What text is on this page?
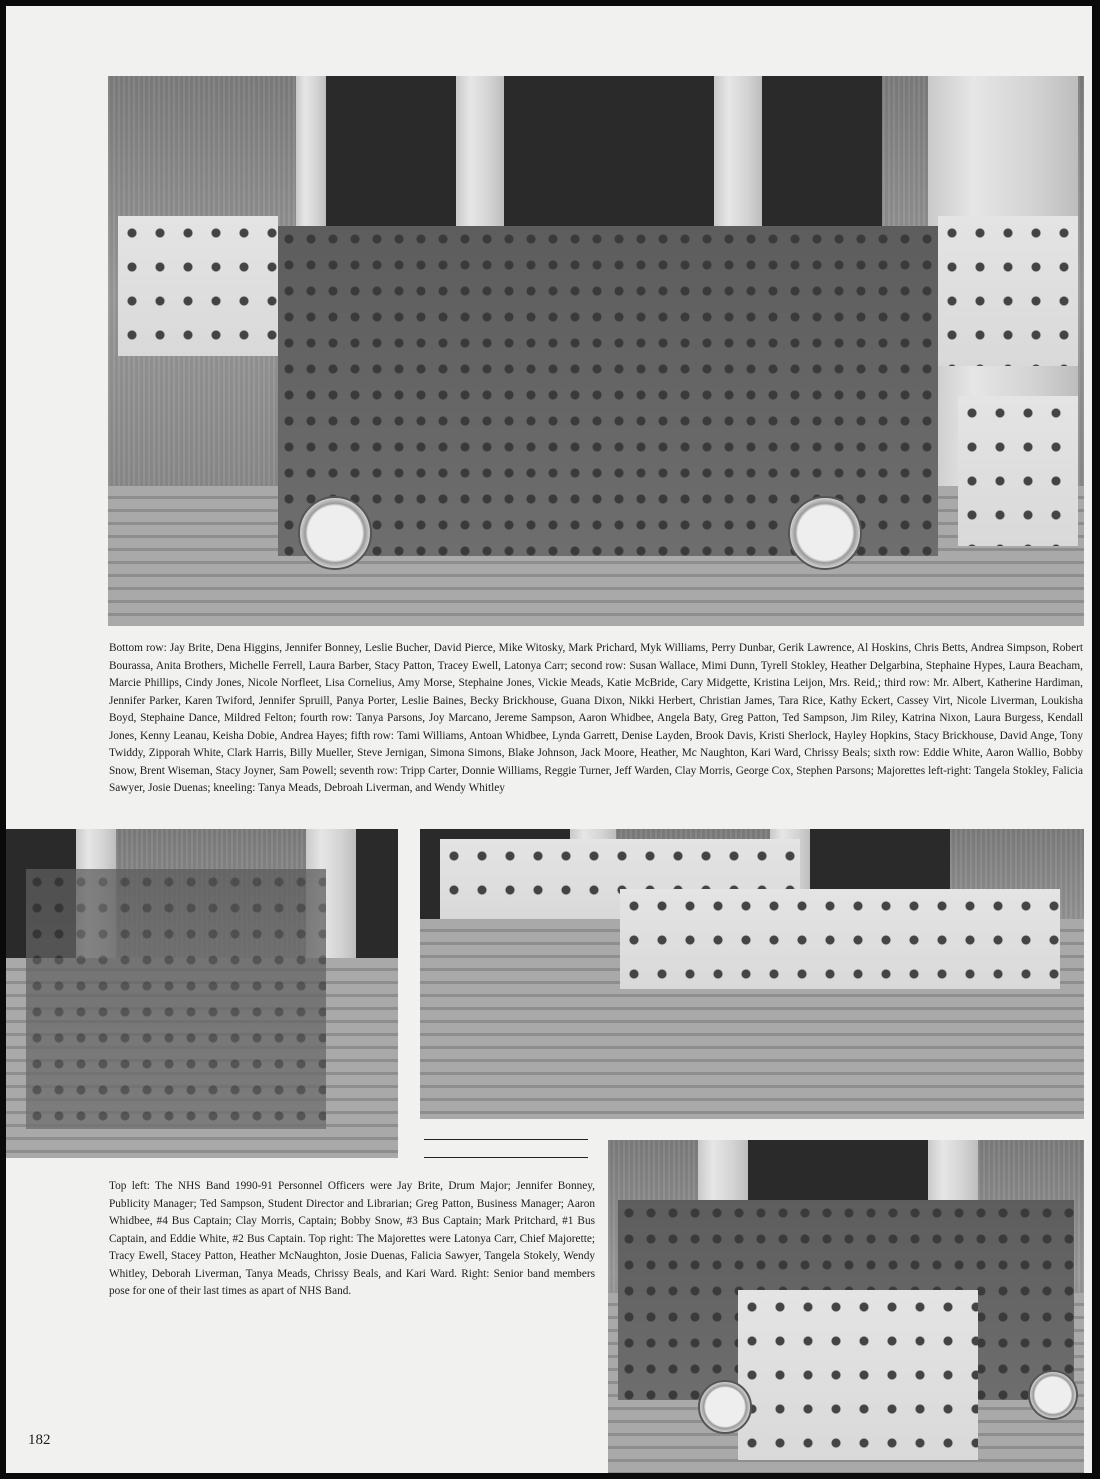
Bottom row: Jay Brite, Dena Higgins, Jennifer Bonney, Leslie Bucher, David Pierce, Mike Witosky, Mark Prichard, Myk Williams, Perry Dunbar, Gerik Lawrence, Al Hoskins, Chris Betts, Andrea Simpson, Robert Bourassa, Anita Brothers, Michelle Ferrell, Laura Barber, Stacy Patton, Tracey Ewell, Latonya Carr; second row: Susan Wallace, Mimi Dunn, Tyrell Stokley, Heather Delgarbina, Stephaine Hypes, Laura Beacham, Marcie Phillips, Cindy Jones, Nicole Norfleet, Lisa Cornelius, Amy Morse, Stephaine Jones, Vickie Meads, Katie McBride, Cary Midgette, Kristina Leijon, Mrs. Reid,; third row: Mr. Albert, Katherine Hardiman, Jennifer Parker, Karen Twiford, Jennifer Spruill, Panya Porter, Leslie Baines, Becky Brickhouse, Guana Dixon, Nikki Herbert, Christian James, Tara Rice, Kathy Eckert, Cassey Virt, Nicole Liverman, Loukisha Boyd, Stephaine Dance, Mildred Felton; fourth row: Tanya Parsons, Joy Marcano, Jereme Sampson, Aaron Whidbee, Angela Baty, Greg Patton, Ted Sampson, Jim Riley, Katrina Nixon, Laura Burgess, Kendall Jones, Kenny Leanau, Keisha Dobie, Andrea Hayes; fifth row: Tami Williams, Antoan Whidbee, Lynda Garrett, Denise Layden, Brook Davis, Kristi Sherlock, Hayley Hopkins, Stacy Brickhouse, David Ange, Tony Twiddy, Zipporah White, Clark Harris, Billy Mueller, Steve Jernigan, Simona Simons, Blake Johnson, Jack Moore, Heather, Mc Naughton, Kari Ward, Chrissy Beals; sixth row: Eddie White, Aaron Wallio, Bobby Snow, Brent Wiseman, Stacy Joyner, Sam Powell; seventh row: Tripp Carter, Donnie Williams, Reggie Turner, Jeff Warden, Clay Morris, George Cox, Stephen Parsons; Majorettes left-right: Tangela Stokley, Falicia Sawyer, Josie Duenas; kneeling: Tanya Meads, Debroah Liverman, and Wendy Whitley

Top left: The NHS Band 1990-91 Personnel Officers were Jay Brite, Drum Major; Jennifer Bonney, Publicity Manager; Ted Sampson, Student Director and Librarian; Greg Patton, Business Manager; Aaron Whidbee, #4 Bus Captain; Clay Morris, Captain; Bobby Snow, #3 Bus Captain; Mark Pritchard, #1 Bus Captain, and Eddie White, #2 Bus Captain. Top right: The Majorettes were Latonya Carr, Chief Majorette; Tracy Ewell, Stacey Patton, Heather McNaughton, Josie Duenas, Falicia Sawyer, Tangela Stokely, Wendy Whitley, Deborah Liverman, Tanya Meads, Chrissy Beals, and Kari Ward. Right: Senior band members pose for one of their last times as apart of NHS Band.

182
